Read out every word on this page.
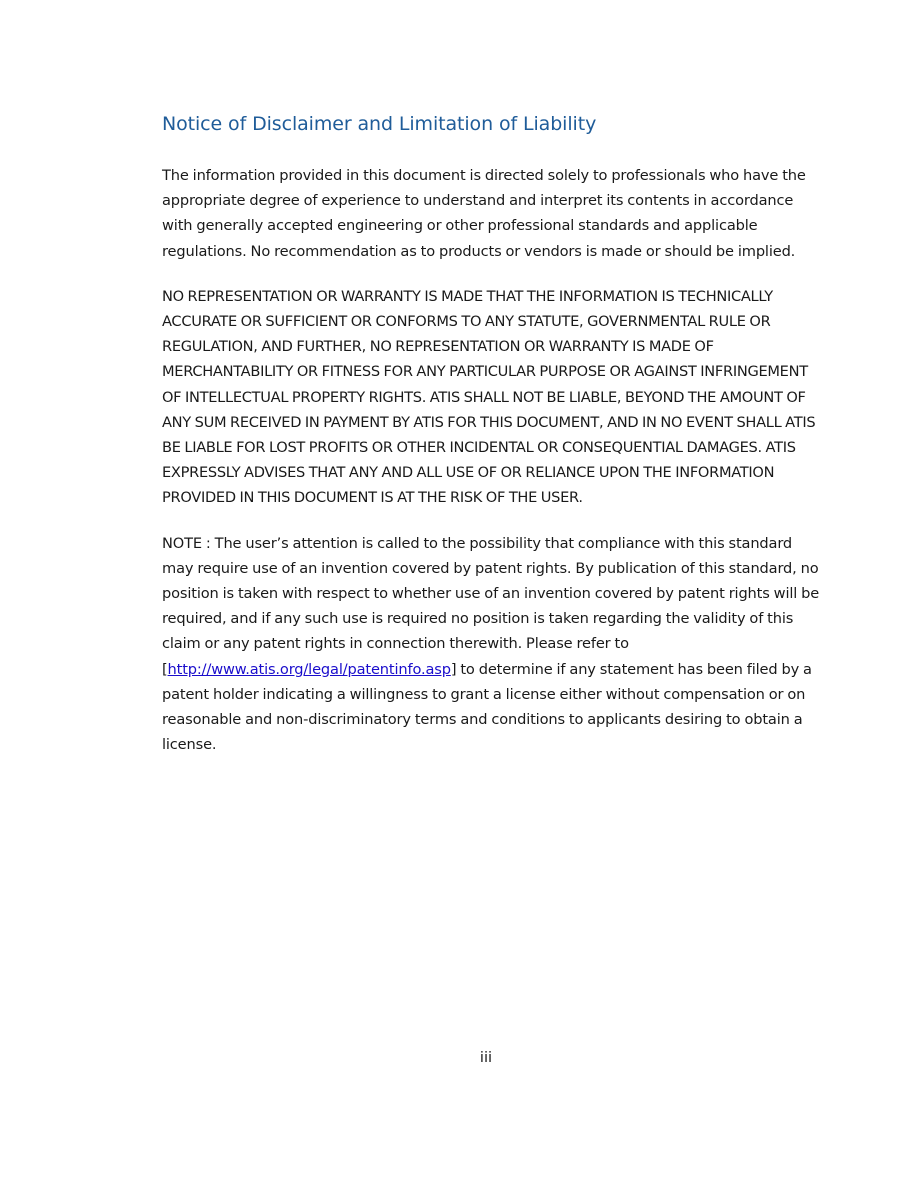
Notice of Disclaimer and Limitation of Liability

The information provided in this document is directed solely to professionals who have the appropriate degree of experience to understand and interpret its contents in accordance with generally accepted engineering or other professional standards and applicable regulations. No recommendation as to products or vendors is made or should be implied.

NO REPRESENTATION OR WARRANTY IS MADE THAT THE INFORMATION IS TECHNICALLY ACCURATE OR SUFFICIENT OR CONFORMS TO ANY STATUTE, GOVERNMENTAL RULE OR REGULATION, AND FURTHER, NO REPRESENTATION OR WARRANTY IS MADE OF MERCHANTABILITY OR FITNESS FOR ANY PARTICULAR PURPOSE OR AGAINST INFRINGEMENT OF INTELLECTUAL PROPERTY RIGHTS. ATIS SHALL NOT BE LIABLE, BEYOND THE AMOUNT OF ANY SUM RECEIVED IN PAYMENT BY ATIS FOR THIS DOCUMENT, AND IN NO EVENT SHALL ATIS BE LIABLE FOR LOST PROFITS OR OTHER INCIDENTAL OR CONSEQUENTIAL DAMAGES. ATIS EXPRESSLY ADVISES THAT ANY AND ALL USE OF OR RELIANCE UPON THE INFORMATION PROVIDED IN THIS DOCUMENT IS AT THE RISK OF THE USER.

NOTE : The user’s attention is called to the possibility that compliance with this standard may require use of an invention covered by patent rights. By publication of this standard, no position is taken with respect to whether use of an invention covered by patent rights will be required, and if any such use is required no position is taken regarding the validity of this claim or any patent rights in connection therewith. Please refer to [http://www.atis.org/legal/patentinfo.asp] to determine if any statement has been filed by a patent holder indicating a willingness to grant a license either without compensation or on reasonable and non-discriminatory terms and conditions to applicants desiring to obtain a license.

iii
